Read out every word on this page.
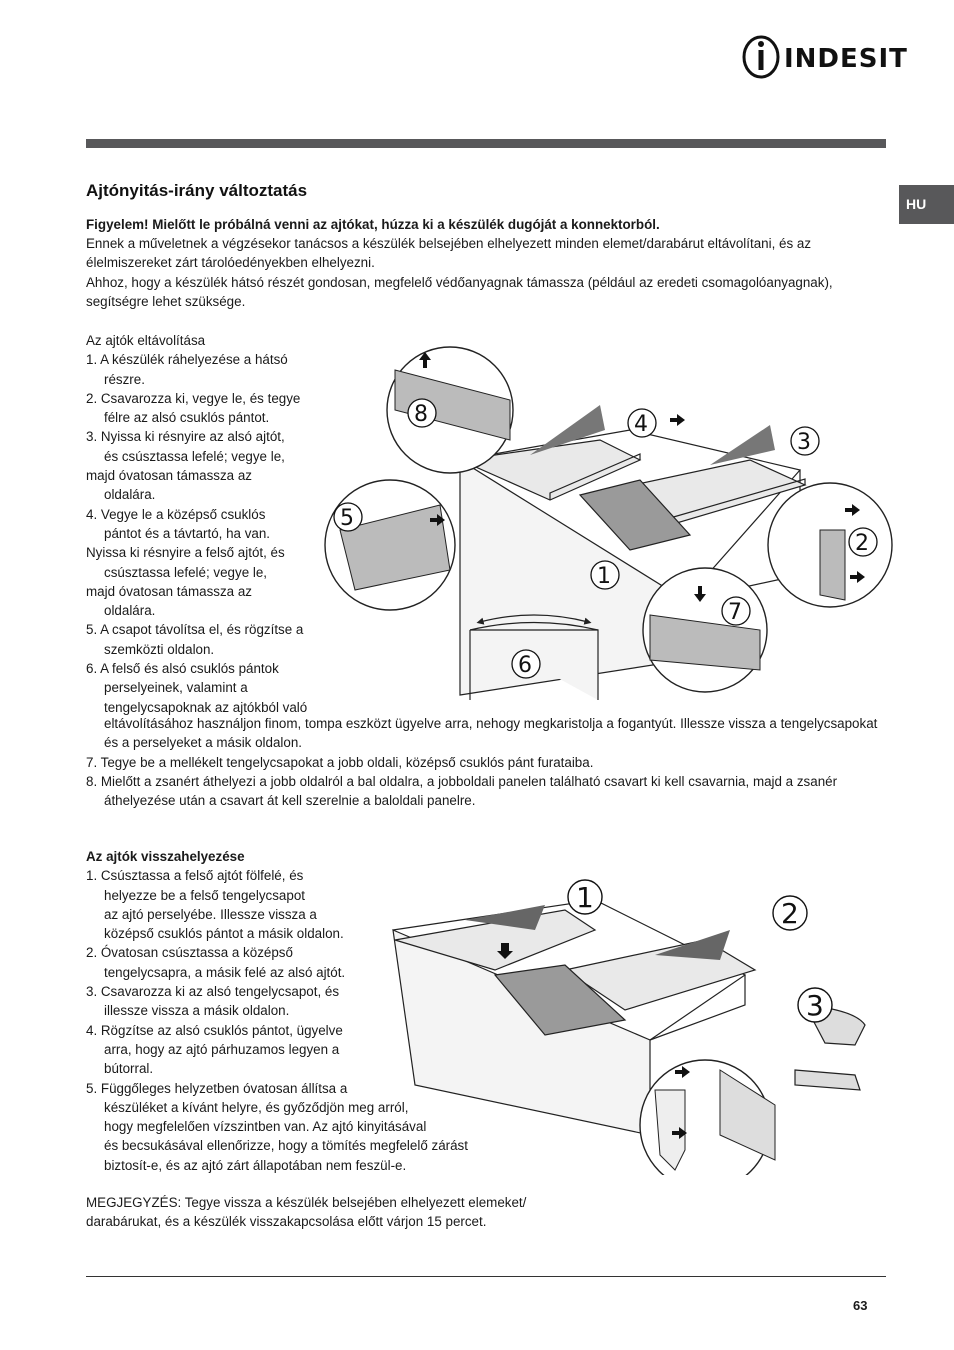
INDESIT
HU
Ajtónyitás-irány változtatás
Figyelem! Mielőtt le próbálná venni az ajtókat, húzza ki a készülék dugóját a konnektorból.
Ennek a műveletnek a végzésekor tanácsos a készülék belsejében elhelyezett minden elemet/darabárut eltávolítani, és az
élelmiszereket zárt tárolóedényekben elhelyezni.
Ahhoz, hogy a készülék hátsó részét gondosan, megfelelő védőanyagnak támassza (például az eredeti csomagolóanyagnak),
segítségre lehet szüksége.
Az ajtók eltávolítása
1. A készülék ráhelyezése a hátsó
részre.
2. Csavarozza ki, vegye le, és tegye
félre az alsó csuklós pántot.
3. Nyissa ki résnyire az alsó ajtót,
és csúsztassa lefelé; vegye le,
majd óvatosan támassza az
oldalára.
4. Vegye le a középső csuklós
pántot és a távtartó, ha van.
Nyissa ki résnyire a felső ajtót, és
csúsztassa lefelé; vegye le,
majd óvatosan támassza az
oldalára.
5. A csapot távolítsa el, és rögzítse a
szemközti oldalon.
6. A felső és alsó csuklós pántok
perselyeinek, valamint a
tengelycsapoknak az ajtókból való
eltávolításához használjon finom, tompa eszközt ügyelve arra, nehogy megkaristolja a fogantyút. Illessze vissza a tengelycsapokat
és a perselyeket a másik oldalon.
7. Tegye be a mellékelt tengelycsapokat a jobb oldali, középső csuklós pánt furataiba.
8. Mielőtt a zsanért áthelyezi a jobb oldalról a bal oldalra, a jobboldali panelen található csavart ki kell csavarnia, majd a zsanér
áthelyezése után a csavart át kell szerelnie a baloldali panelre.
8	4
3
5
2
1
7
6
Az ajtók visszahelyezése
1. Csúsztassa a felső ajtót fölfelé, és
helyezze be a felső tengelycsapot
az ajtó perselyébe. Illessze vissza a
középső csuklós pántot a másik oldalon.
2. Óvatosan csúsztassa a középső
tengelycsapra, a másik felé az alsó ajtót.
3. Csavarozza ki az alsó tengelycsapot, és
illessze vissza a másik oldalon.
4. Rögzítse az alsó csuklós pántot, ügyelve
arra, hogy az ajtó párhuzamos legyen a
bútorral.
5. Függőleges helyzetben óvatosan állítsa a
készüléket a kívánt helyre, és győződjön meg arról,
hogy megfelelően vízszintben van. Az ajtó kinyitásával
és becsukásával ellenőrizze, hogy a tömítés megfelelő zárást
biztosít-e, és az ajtó zárt állapotában nem feszül-e.
1	2
3
MEGJEGYZÉS: Tegye vissza a készülék belsejében elhelyezett elemeket/
darabárukat, és a készülék visszakapcsolása előtt várjon 15 percet.
63
